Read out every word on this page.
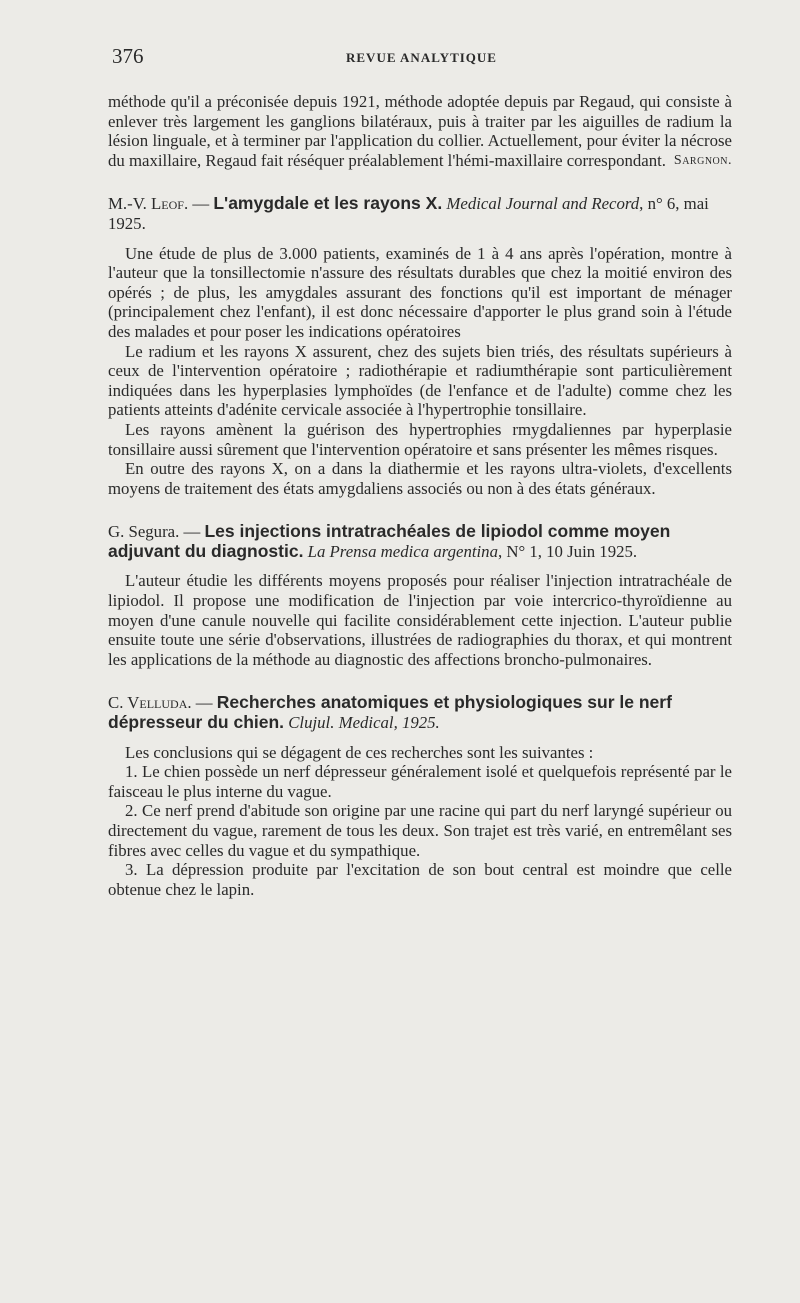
376	REVUE ANALYTIQUE

méthode qu'il a préconisée depuis 1921, méthode adoptée depuis par Regaud, qui consiste à enlever très largement les ganglions bilatéraux, puis à traiter par les aiguilles de radium la lésion linguale, et à terminer par l'application du collier. Actuellement, pour éviter la nécrose du maxillaire, Regaud fait réséquer préalablement l'hémi-maxillaire correspondant. Sargnon.

M.-V. Leof. — L'amygdale et les rayons X. Medical Journal and Record, n° 6, mai 1925.

Une étude de plus de 3.000 patients, examinés de 1 à 4 ans après l'opération, montre à l'auteur que la tonsillectomie n'assure des résultats durables que chez la moitié environ des opérés ; de plus, les amygdales assurant des fonctions qu'il est important de ménager (principalement chez l'enfant), il est donc nécessaire d'apporter le plus grand soin à l'étude des malades et pour poser les indications opératoires

Le radium et les rayons X assurent, chez des sujets bien triés, des résultats supérieurs à ceux de l'intervention opératoire ; radiothérapie et radiumthérapie sont particulièrement indiquées dans les hyperplasies lymphoïdes (de l'enfance et de l'adulte) comme chez les patients atteints d'adénite cervicale associée à l'hypertrophie tonsillaire.

Les rayons amènent la guérison des hypertrophies rmygdaliennes par hyperplasie tonsillaire aussi sûrement que l'intervention opératoire et sans présenter les mêmes risques.

En outre des rayons X, on a dans la diathermie et les rayons ultra-violets, d'excellents moyens de traitement des états amygdaliens associés ou non à des états généraux.

G. Segura. — Les injections intratrachéales de lipiodol comme moyen adjuvant du diagnostic. La Prensa medica argentina, N° 1, 10 Juin 1925.

L'auteur étudie les différents moyens proposés pour réaliser l'injection intratrachéale de lipiodol. Il propose une modification de l'injection par voie intercrico-thyroïdienne au moyen d'une canule nouvelle qui facilite considérablement cette injection. L'auteur publie ensuite toute une série d'observations, illustrées de radiographies du thorax, et qui montrent les applications de la méthode au diagnostic des affections broncho-pulmonaires.

C. Velluda. — Recherches anatomiques et physiologiques sur le nerf dépresseur du chien. Clujul. Medical, 1925.

Les conclusions qui se dégagent de ces recherches sont les suivantes :

1. Le chien possède un nerf dépresseur généralement isolé et quelquefois représenté par le faisceau le plus interne du vague.

2. Ce nerf prend d'abitude son origine par une racine qui part du nerf laryngé supérieur ou directement du vague, rarement de tous les deux. Son trajet est très varié, en entremêlant ses fibres avec celles du vague et du sympathique.

3. La dépression produite par l'excitation de son bout central est moindre que celle obtenue chez le lapin.
